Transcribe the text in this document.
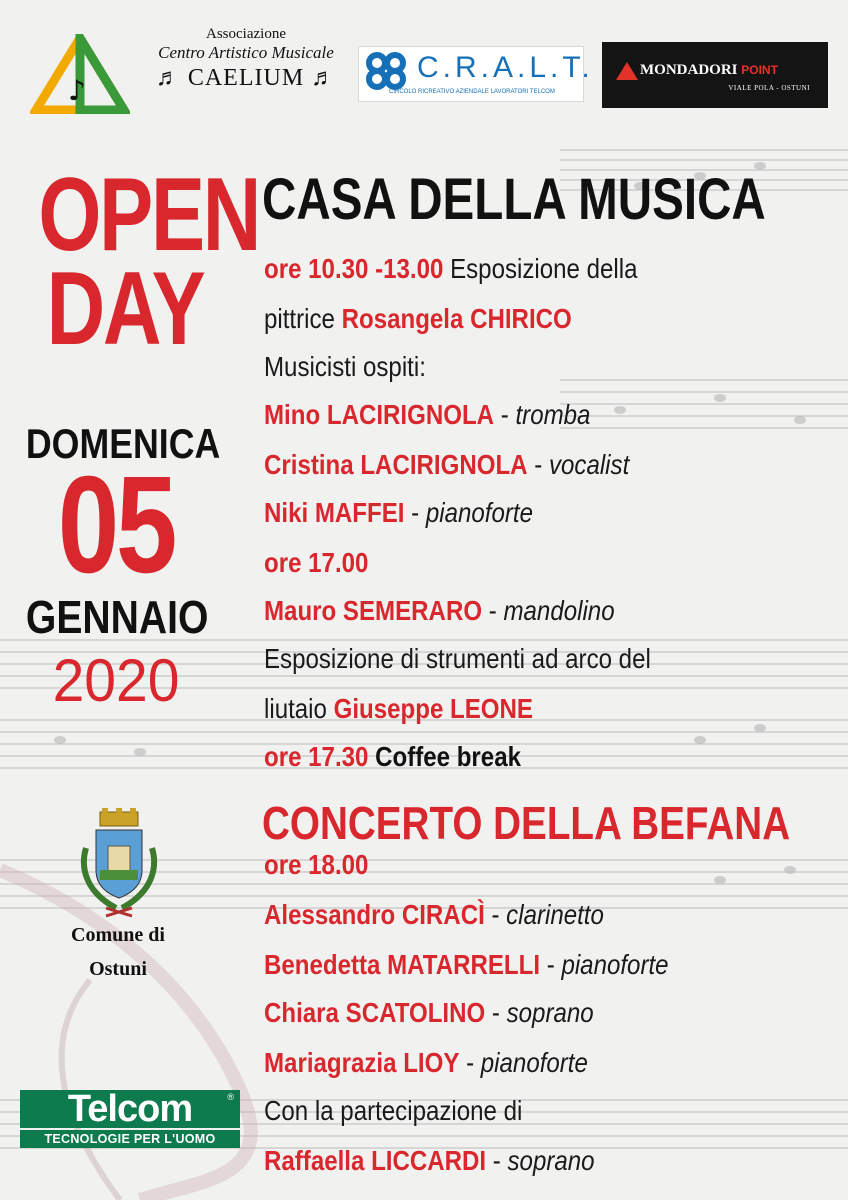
♪
Associazione
Centro Artistico Musicale
♬ CAELIUM ♬	C.R.A.L.T.
CIRCOLO RICREATIVO AZIENDALE LAVORATORI TELCOM
MONDADORI POINT
VIALE POLA - OSTUNI
OPEN
DAY
DOMENICA
05
GENNAIO
2020
Comune di
Ostuni
Telcom	®
TECNOLOGIE PER L'UOMO
CASA DELLA MUSICA
ore 10.30 -13.00 Esposizione della
pittrice Rosangela CHIRICO
Musicisti ospiti:
Mino LACIRIGNOLA - tromba
Cristina LACIRIGNOLA - vocalist
Niki MAFFEI - pianoforte
ore 17.00
Mauro SEMERARO - mandolino
Esposizione di strumenti ad arco del
liutaio Giuseppe LEONE
ore 17.30 Coffee break
CONCERTO DELLA BEFANA
ore 18.00
Alessandro CIRACÌ - clarinetto
Benedetta MATARRELLI - pianoforte
Chiara SCATOLINO - soprano
Mariagrazia LIOY - pianoforte
Con la partecipazione di
Raffaella LICCARDI - soprano
